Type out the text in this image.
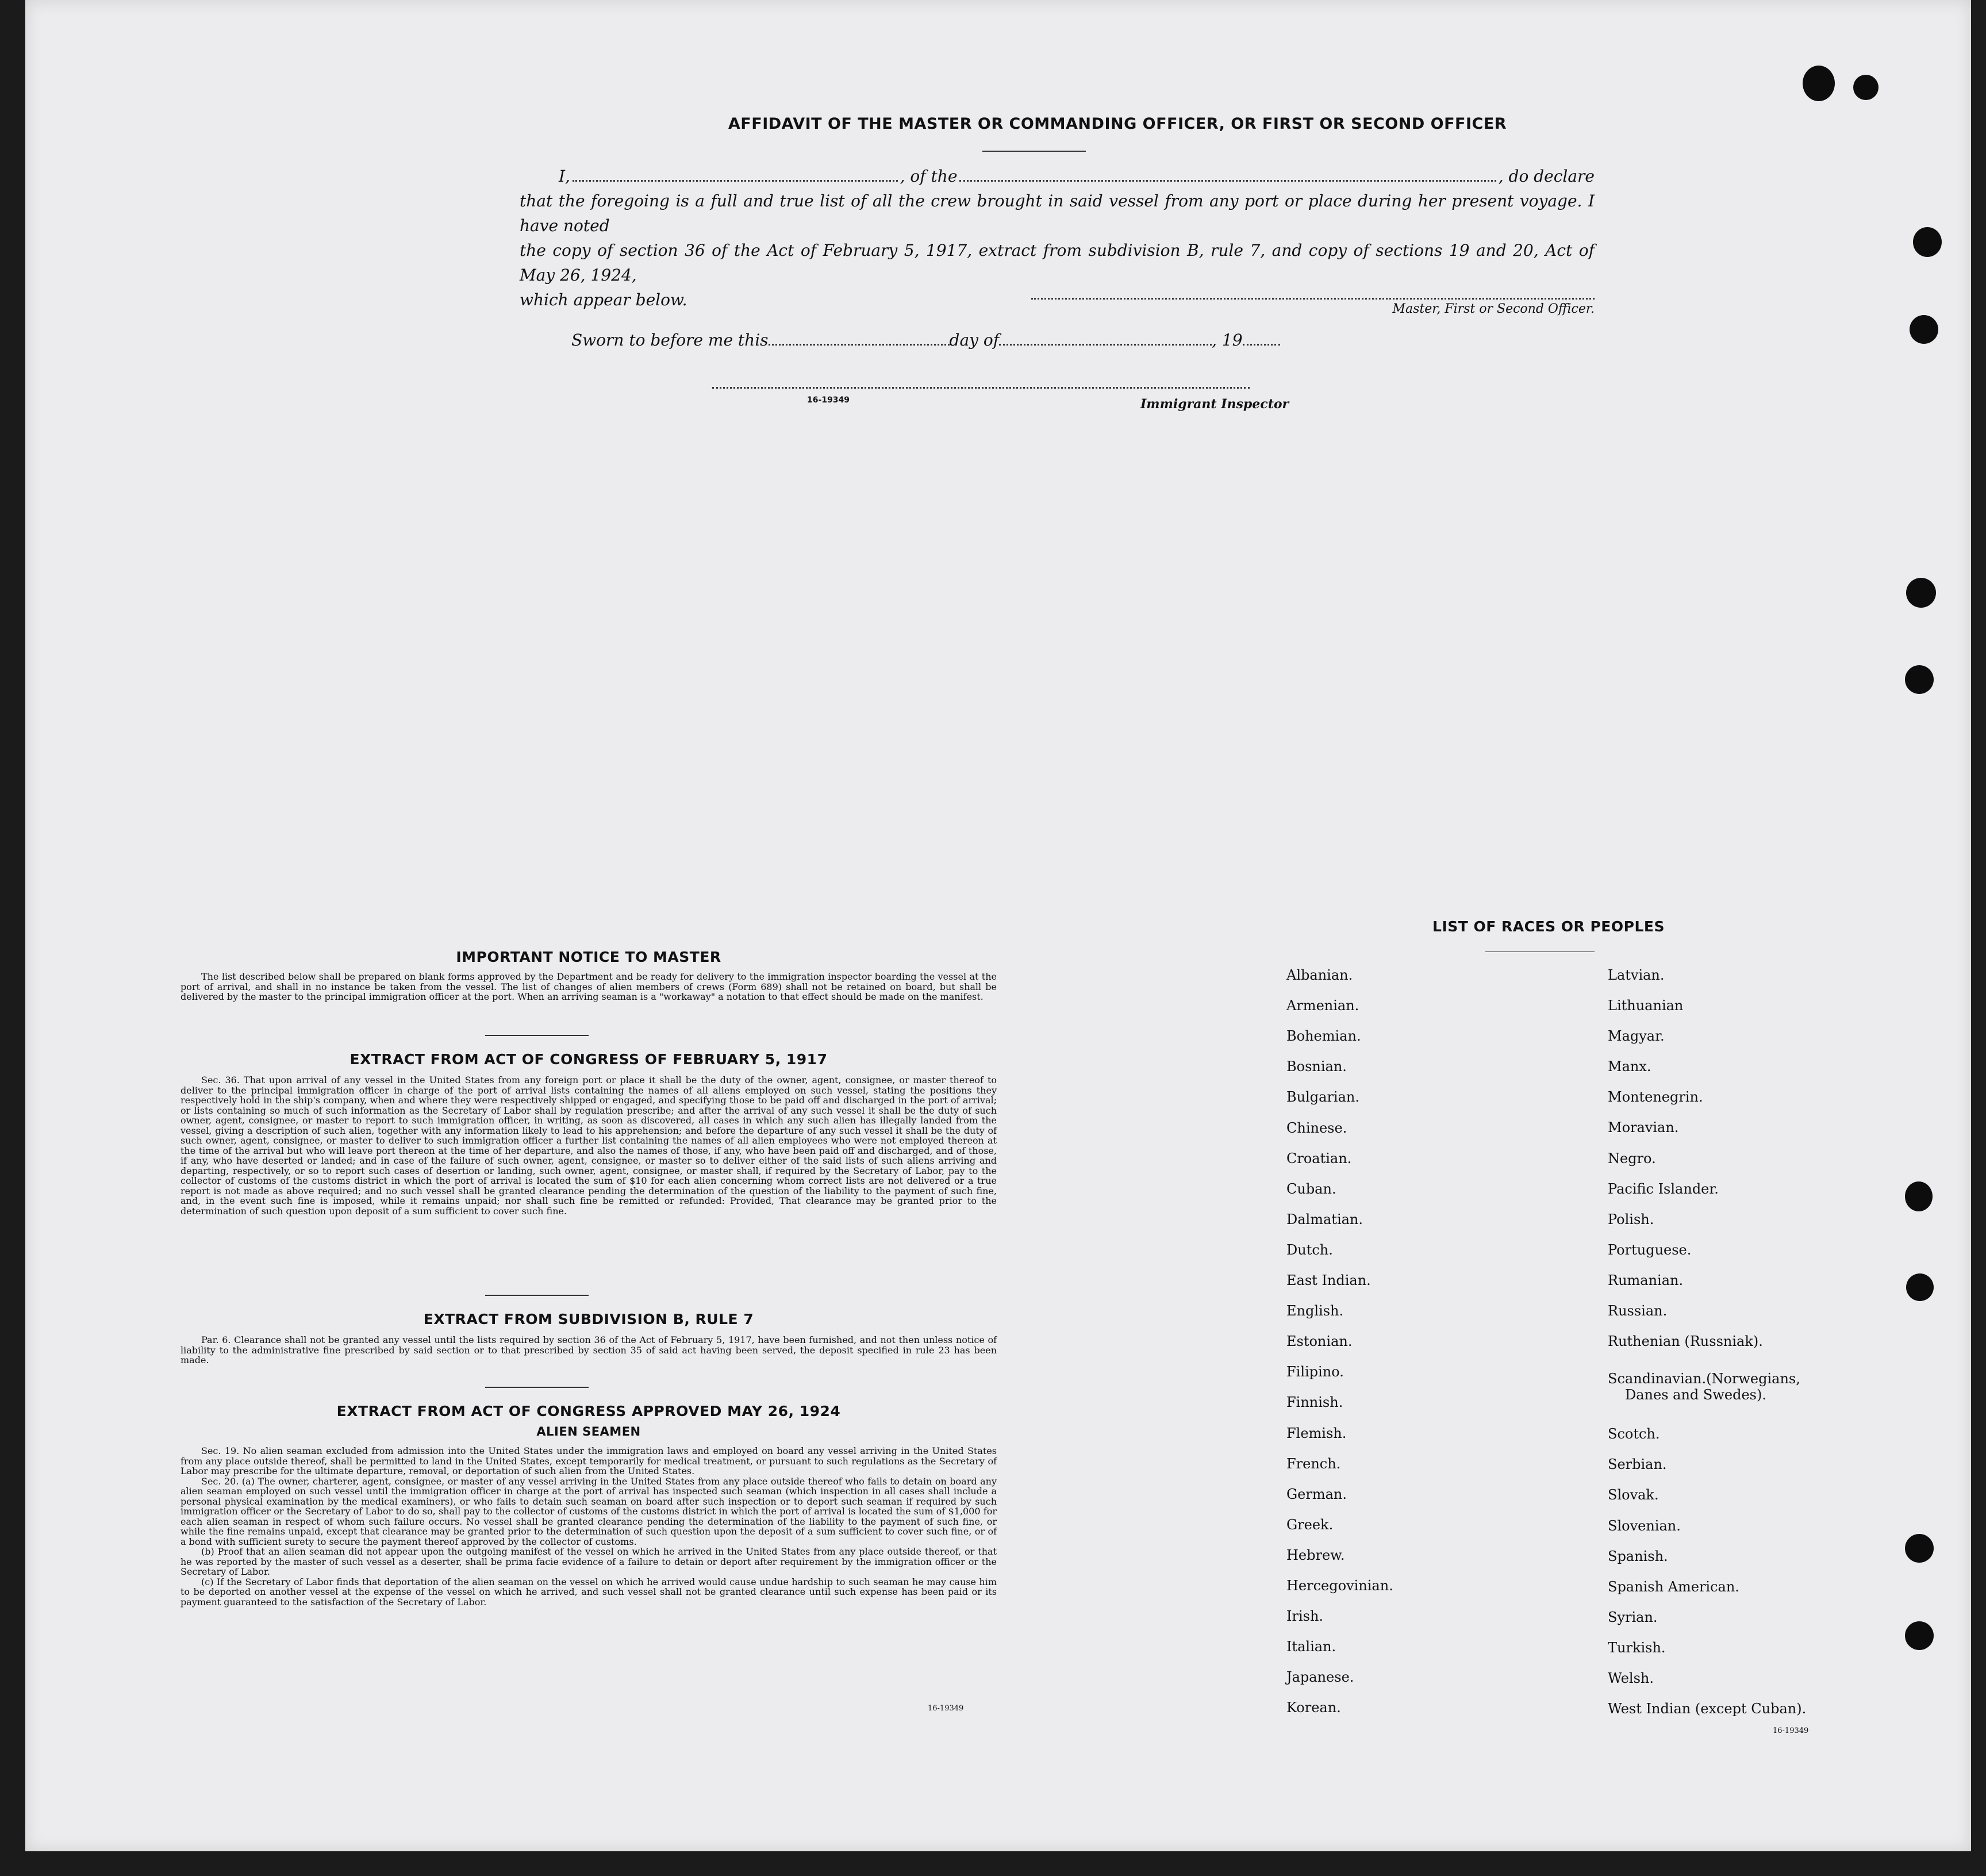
AFFIDAVIT OF THE MASTER OR COMMANDING OFFICER, OR FIRST OR SECOND OFFICER
I,	, of the	, do declare
that the foregoing is a full and true list of all the crew brought in said vessel from any port or place during her present voyage. I have noted
the copy of section 36 of the Act of February 5, 1917, extract from subdivision B, rule 7, and copy of sections 19 and 20, Act of May 26, 1924,
which appear below.	Master, First or Second Officer.
Sworn to before me this	day of	, 19
16-19349	Immigrant Inspector
IMPORTANT NOTICE TO MASTER

The list described below shall be prepared on blank forms approved by the Department and be ready for delivery to the immigration inspector boarding the vessel at the port of arrival, and shall in no instance be taken from the vessel. The list of changes of alien members of crews (Form 689) shall not be retained on board, but shall be delivered by the master to the principal immigration officer at the port. When an arriving seaman is a "workaway" a notation to that effect should be made on the manifest.

EXTRACT FROM ACT OF CONGRESS OF FEBRUARY 5, 1917

Sec. 36. That upon arrival of any vessel in the United States from any foreign port or place it shall be the duty of the owner, agent, consignee, or master thereof to deliver to the principal immigration officer in charge of the port of arrival lists containing the names of all aliens employed on such vessel, stating the positions they respectively hold in the ship's company, when and where they were respectively shipped or engaged, and specifying those to be paid off and discharged in the port of arrival; or lists containing so much of such information as the Secretary of Labor shall by regulation prescribe; and after the arrival of any such vessel it shall be the duty of such owner, agent, consignee, or master to report to such immigration officer, in writing, as soon as discovered, all cases in which any such alien has illegally landed from the vessel, giving a description of such alien, together with any information likely to lead to his apprehension; and before the departure of any such vessel it shall be the duty of such owner, agent, consignee, or master to deliver to such immigration officer a further list containing the names of all alien employees who were not employed thereon at the time of the arrival but who will leave port thereon at the time of her departure, and also the names of those, if any, who have been paid off and discharged, and of those, if any, who have deserted or landed; and in case of the failure of such owner, agent, consignee, or master so to deliver either of the said lists of such aliens arriving and departing, respectively, or so to report such cases of desertion or landing, such owner, agent, consignee, or master shall, if required by the Secretary of Labor, pay to the collector of customs of the customs district in which the port of arrival is located the sum of $10 for each alien concerning whom correct lists are not delivered or a true report is not made as above required; and no such vessel shall be granted clearance pending the determination of the question of the liability to the payment of such fine, and, in the event such fine is imposed, while it remains unpaid; nor shall such fine be remitted or refunded: Provided, That clearance may be granted prior to the determination of such question upon deposit of a sum sufficient to cover such fine.

EXTRACT FROM SUBDIVISION B, RULE 7

Par. 6. Clearance shall not be granted any vessel until the lists required by section 36 of the Act of February 5, 1917, have been furnished, and not then unless notice of liability to the administrative fine prescribed by said section or to that prescribed by section 35 of said act having been served, the deposit specified in rule 23 has been made.

EXTRACT FROM ACT OF CONGRESS APPROVED MAY 26, 1924
ALIEN SEAMEN

Sec. 19. No alien seaman excluded from admission into the United States under the immigration laws and employed on board any vessel arriving in the United States from any place outside thereof, shall be permitted to land in the United States, except temporarily for medical treatment, or pursuant to such regulations as the Secretary of Labor may prescribe for the ultimate departure, removal, or deportation of such alien from the United States.

Sec. 20. (a) The owner, charterer, agent, consignee, or master of any vessel arriving in the United States from any place outside thereof who fails to detain on board any alien seaman employed on such vessel until the immigration officer in charge at the port of arrival has inspected such seaman (which inspection in all cases shall include a personal physical examination by the medical examiners), or who fails to detain such seaman on board after such inspection or to deport such seaman if required by such immigration officer or the Secretary of Labor to do so, shall pay to the collector of customs of the customs district in which the port of arrival is located the sum of $1,000 for each alien seaman in respect of whom such failure occurs. No vessel shall be granted clearance pending the determination of the liability to the payment of such fine, or while the fine remains unpaid, except that clearance may be granted prior to the determination of such question upon the deposit of a sum sufficient to cover such fine, or of a bond with sufficient surety to secure the payment thereof approved by the collector of customs.

(b) Proof that an alien seaman did not appear upon the outgoing manifest of the vessel on which he arrived in the United States from any place outside thereof, or that he was reported by the master of such vessel as a deserter, shall be prima facie evidence of a failure to detain or deport after requirement by the immigration officer or the Secretary of Labor.

(c) If the Secretary of Labor finds that deportation of the alien seaman on the vessel on which he arrived would cause undue hardship to such seaman he may cause him to be deported on another vessel at the expense of the vessel on which he arrived, and such vessel shall not be granted clearance until such expense has been paid or its payment guaranteed to the satisfaction of the Secretary of Labor.

16-19349
LIST OF RACES OR PEOPLES
16-19349
Albanian.
Armenian.
Bohemian.
Bosnian.
Bulgarian.
Chinese.
Croatian.
Cuban.
Dalmatian.
Dutch.
East Indian.
English.
Estonian.
Filipino.
Finnish.
Flemish.
French.
German.
Greek.
Hebrew.
Hercegovinian.
Irish.
Italian.
Japanese.
Korean.
Latvian.
Lithuanian
Magyar.
Manx.
Montenegrin.
Moravian.
Negro.
Pacific Islander.
Polish.
Portuguese.
Rumanian.
Russian.
Ruthenian (Russniak).
Scandinavian.(Norwegians,
Danes and Swedes).
Scotch.
Serbian.
Slovak.
Slovenian.
Spanish.
Spanish American.
Syrian.
Turkish.
Welsh.
West Indian (except Cuban).
